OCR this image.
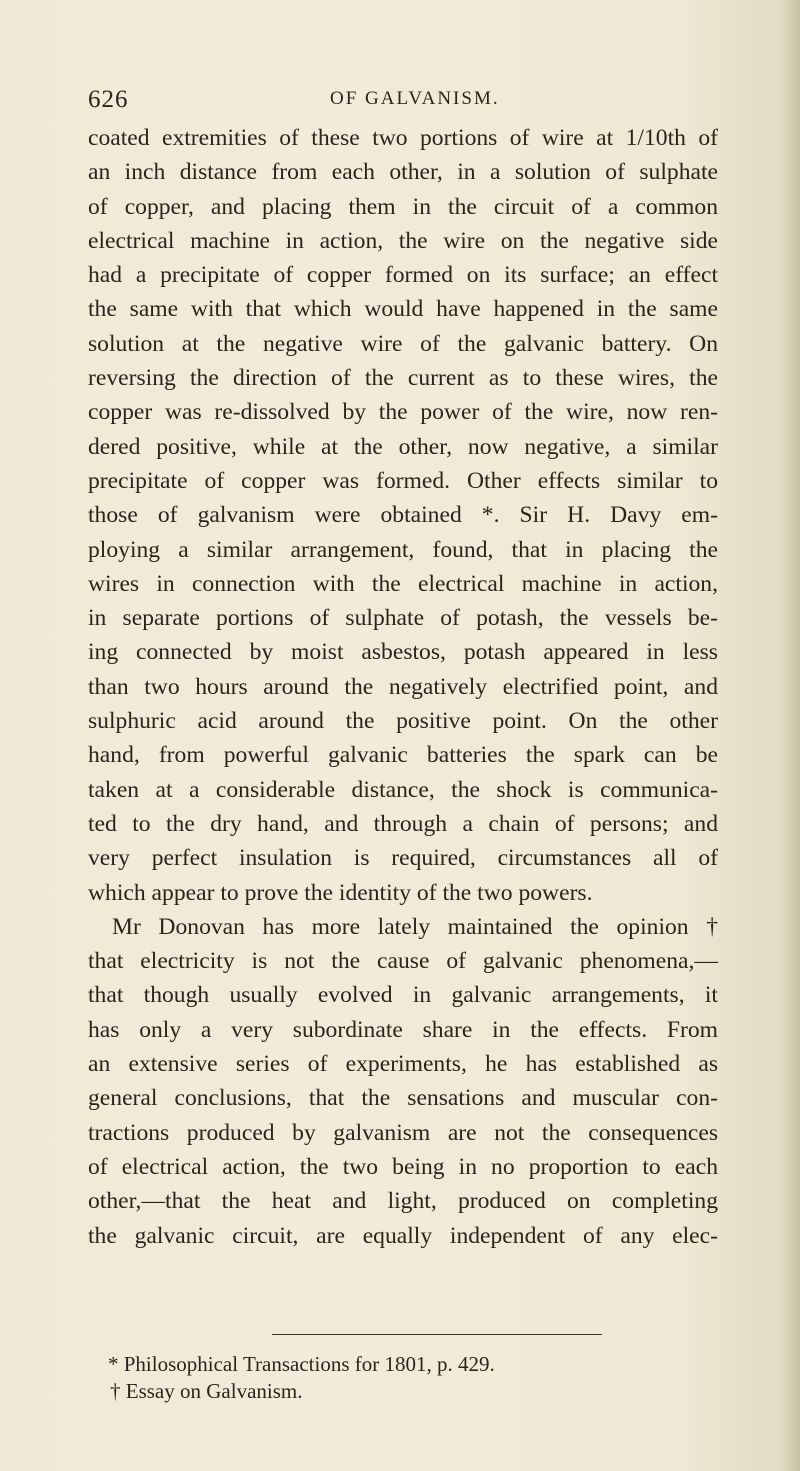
626	OF GALVANISM.
coated extremities of these two portions of wire at 1/10th of
an inch distance from each other, in a solution of sulphate
of copper, and placing them in the circuit of a common
electrical machine in action, the wire on the negative side
had a precipitate of copper formed on its surface; an effect
the same with that which would have happened in the same
solution at the negative wire of the galvanic battery. On
reversing the direction of the current as to these wires, the
copper was re-dissolved by the power of the wire, now ren-
dered positive, while at the other, now negative, a similar
precipitate of copper was formed. Other effects similar to
those of galvanism were obtained *. Sir H. Davy em-
ploying a similar arrangement, found, that in placing the
wires in connection with the electrical machine in action,
in separate portions of sulphate of potash, the vessels be-
ing connected by moist asbestos, potash appeared in less
than two hours around the negatively electrified point, and
sulphuric acid around the positive point. On the other
hand, from powerful galvanic batteries the spark can be
taken at a considerable distance, the shock is communica-
ted to the dry hand, and through a chain of persons; and
very perfect insulation is required, circumstances all of
which appear to prove the identity of the two powers.
Mr Donovan has more lately maintained the opinion †
that electricity is not the cause of galvanic phenomena,—
that though usually evolved in galvanic arrangements, it
has only a very subordinate share in the effects. From
an extensive series of experiments, he has established as
general conclusions, that the sensations and muscular con-
tractions produced by galvanism are not the consequences
of electrical action, the two being in no proportion to each
other,—that the heat and light, produced on completing
the galvanic circuit, are equally independent of any elec-
* Philosophical Transactions for 1801, p. 429.
† Essay on Galvanism.
